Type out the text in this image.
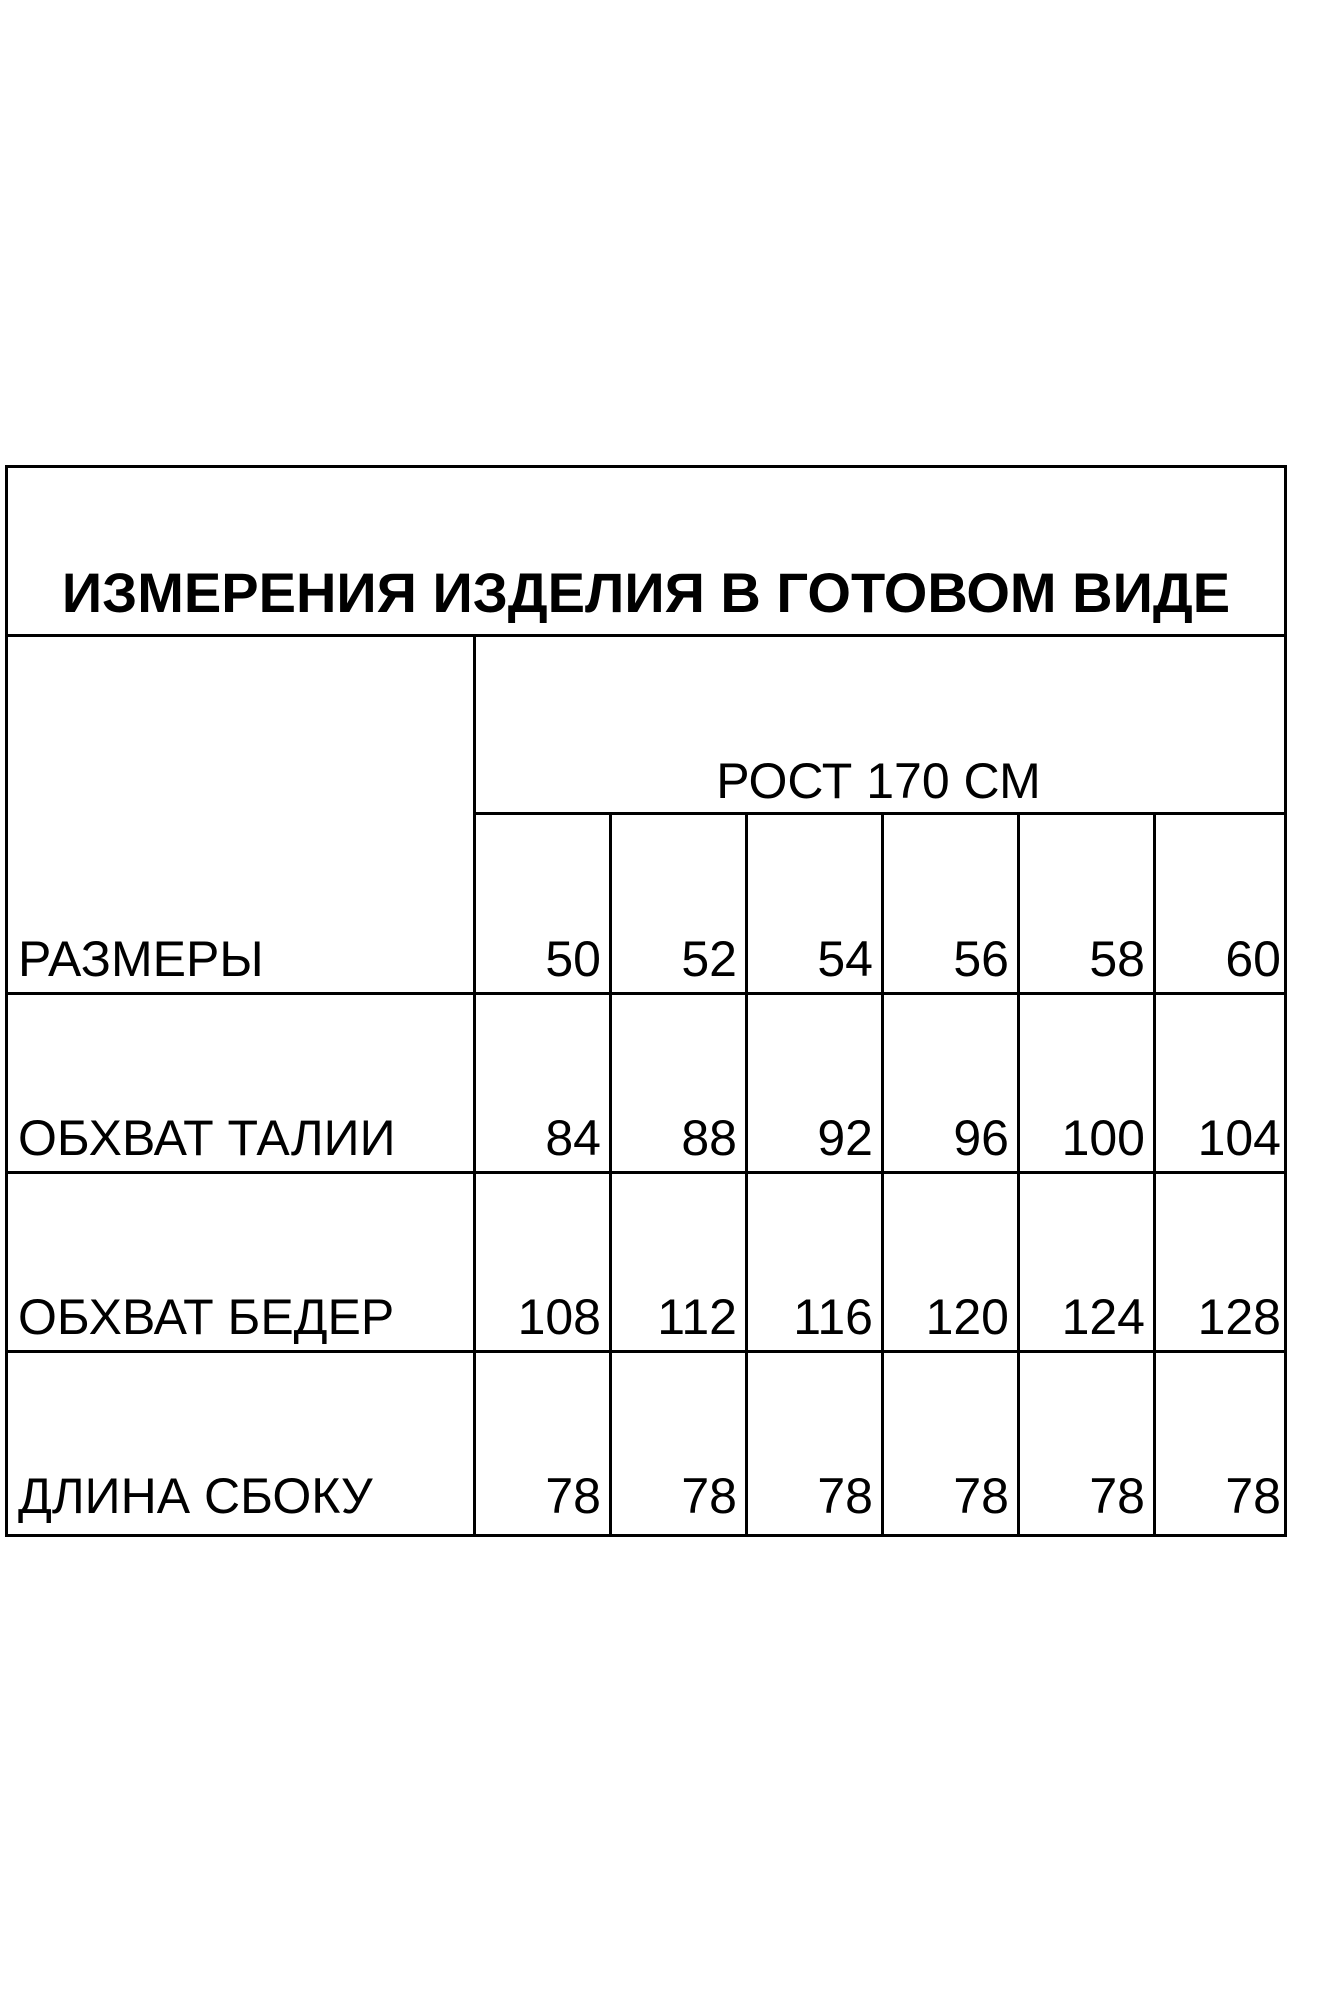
ИЗМЕРЕНИЯ ИЗДЕЛИЯ В ГОТОВОМ ВИДЕ
РОСТ 170 СМ
РАЗМЕРЫ	50	52	54	56	58	60
ОБХВАТ ТАЛИИ	84	88	92	96	100	104
ОБХВАТ БЕДЕР	108	112	116	120	124	128
ДЛИНА СБОКУ	78	78	78	78	78	78
